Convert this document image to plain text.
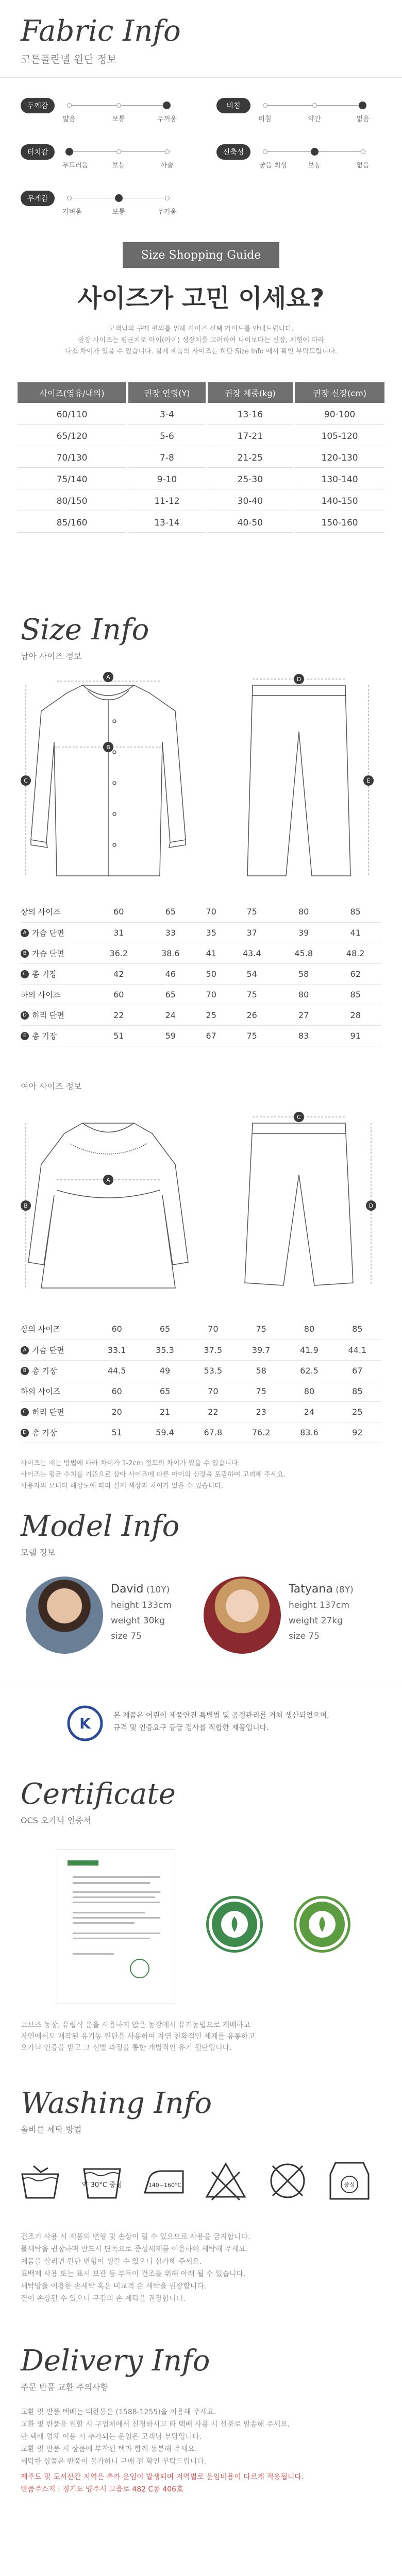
Fabric Info
코튼플란넬 원단 정보
두께감
얇음	보통	두꺼움
비침
비침	약간	없음
터치감
부드러움	보통	까슬
신축성
좋음 최상	보통	없음
무게감
가벼움	보통	무거움
Size Shopping Guide
사이즈가 고민 이세요?
고객님의 구매 편의를 위해 사이즈 선택 가이드를 안내드립니다.
권장 사이즈는 평균치로 아이(아이) 성장치를 고려하여 나이보다는 신장, 체형에 따라
다소 차이가 있을 수 있습니다. 실제 제품의 사이즈는 하단 Size Info 에서 확인 부탁드립니다.
사이즈(영유/내의)	권장 연령(Y)	권장 체중(kg)	권장 신장(cm)
60/110	3-4	13-16	90-100
65/120	5-6	17-21	105-120
70/130	7-8	21-25	120-130
75/140	9-10	25-30	130-140
80/150	11-12	30-40	140-150
85/160	13-14	40-50	150-160
Size Info
남아 사이즈 정보
A
B
C
D
E
상의 사이즈	60	65	70	75	80	85
A 가슴 단면	31	33	35	37	39	41
B 가슴 단면	36.2	38.6	41	43.4	45.8	48.2
C 총 기장	42	46	50	54	58	62
하의 사이즈	60	65	70	75	80	85
D 허리 단면	22	24	25	26	27	28
E 총 기장	51	59	67	75	83	91
여아 사이즈 정보
A
B
C
D
상의 사이즈	60	65	70	75	80	85
A 가슴 단면	33.1	35.3	37.5	39.7	41.9	44.1
B 총 기장	44.5	49	53.5	58	62.5	67
하의 사이즈	60	65	70	75	80	85
C 허리 단면	20	21	22	23	24	25
D 총 기장	51	59.4	67.8	76.2	83.6	92
사이즈는 재는 방법에 따라 차이가 1-2cm 정도의 차이가 있을 수 있습니다.
사이즈는 평균 수치를 기준으로 삼아 사이즈에 따른 아이의 신장을 포괄하여 고려해 주세요.
사용자의 모니터 해상도에 따라 실제 색상과 차이가 있을 수 있습니다.
Model Info
모델 정보
David (10Y)
height 133cm
weight 30kg
size 75
Tatyana (8Y)
height 137cm
weight 27kg
size 75
K	본 제품은 어린이 제품안전 특별법 및 공정관리를 거쳐 생산되었으며,
규격 및 인증요구 등급 검사를 적합한 제품입니다.
Certificate
OCS 오가닉 인증서
코브즈 농장, 유럽식 운을 사용하지 않은 농장에서 유기농법으로 재배하고
자연에서도 재작된 유기농 원단을 사용하여 자연 친화적인 세계를 유통하고
오가닉 인증을 받고 그 선별 과정을 통한 개별적인 유기 원단입니다.
Washing Info
올바른 세탁 방법
약 30°C 중성	140~160°C	중성
건조기 사용 시 제품의 변형 및 손상이 될 수 있으므로 사용을 금지합니다.
물세탁을 권장하며 반드시 단독으로 중성세제를 이용하여 세탁해 주세요.
제품을 살리면 원단 변형이 생길 수 있으니 삼가해 주세요.
표백제 사용 또는 표시 보관 등 부득이 건조를 위해 아래 될 수 있습니다.
세탁망을 이용한 손세탁 혹은 비교적 손 세탁을 권장합니다.
결이 손상될 수 있으니 구김의 손 세탁을 권장합니다.
Delivery Info
주문 반품 교환 주의사항
교환 및 반품 택배는 대한통운 (1588-1255)을 이용해 주세요.
교환 및 반품을 원할 시 구입처에서 신청하시고 타 택배 사용 시 선불로 발송해 주세요.
단 택배 업체 이용 시 추가되는 운임은 고객님 부담입니다.
교환 및 반품 시 상품에 부착된 택과 함께 동봉해 주세요.
세탁한 상품은 반품이 불가하니 구매 전 확인 부탁드립니다.
제주도 및 도서산간 지역은 추가 운임이 발생되며 지역별로 운임비용이 다르게 적용됩니다.
반품주소지 : 경기도 양주시 고읍로 482 C동 406호
